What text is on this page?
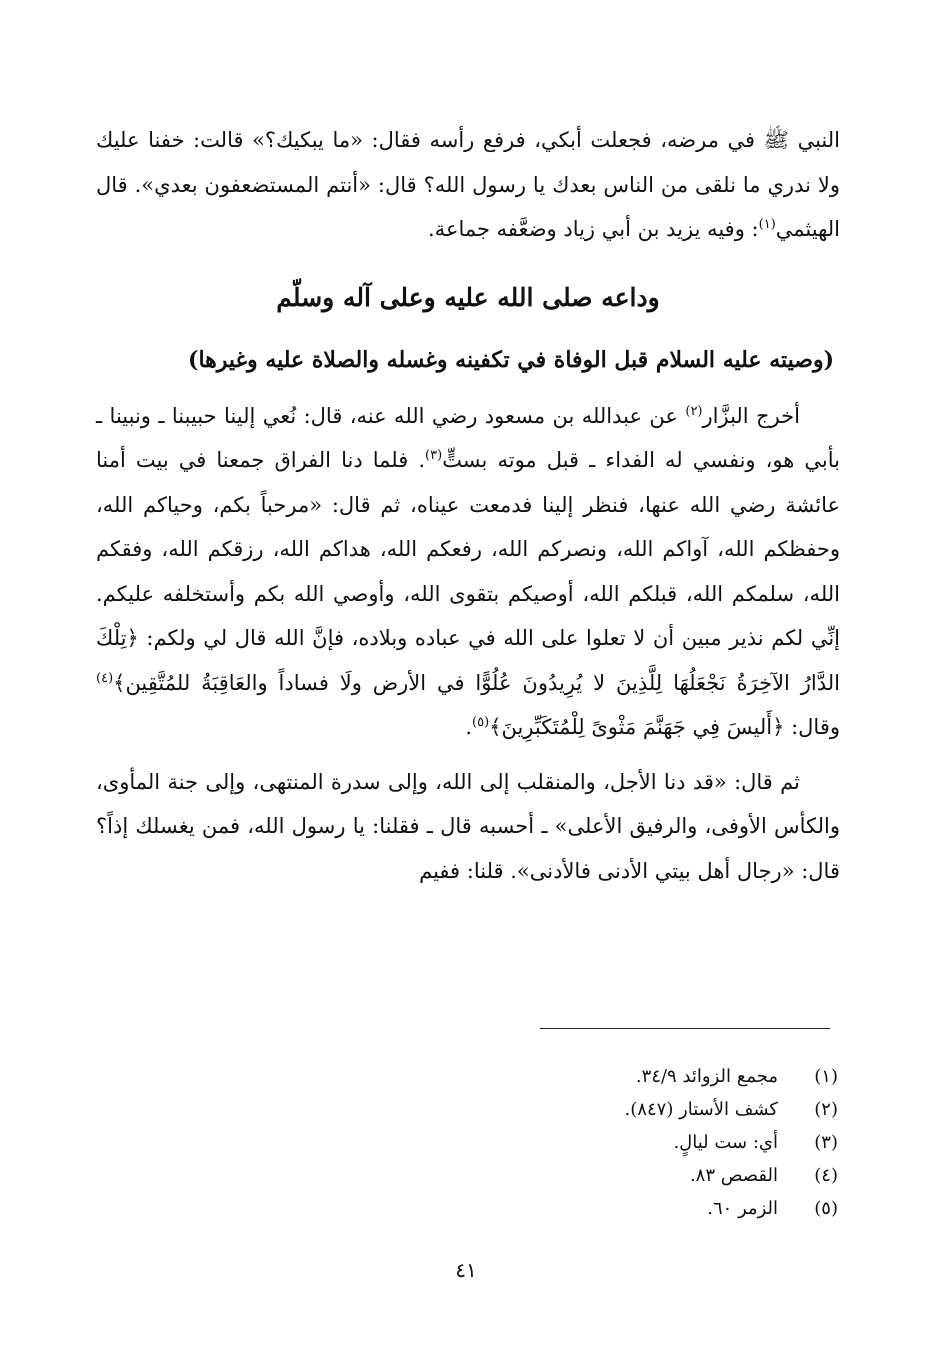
النبي ﷺ في مرضه، فجعلت أبكي، فرفع رأسه فقال: «ما يبكيك؟» قالت: خفنا عليك ولا ندري ما نلقى من الناس بعدك يا رسول الله؟ قال: «أنتم المستضعفون بعدي». قال الهيثمي$^{(١)}$: وفيه يزيد بن أبي زياد وضعَّفه جماعة.

وداعه صلى الله عليه وعلى آله وسلّم
(وصيته عليه السلام قبل الوفاة في تكفينه وغسله والصلاة عليه وغيرها)

أخرج البزَّار$^{(٢)}$ عن عبدالله بن مسعود رضي الله عنه، قال: نُعي إلينا حبيبنا ـ ونبينا ـ بأبي هو، ونفسي له الفداء ـ قبل موته بستٍّ$^{(٣)}$. فلما دنا الفراق جمعنا في بيت أمنا عائشة رضي الله عنها، فنظر إلينا فدمعت عيناه، ثم قال: «مرحباً بكم، وحياكم الله، وحفظكم الله، آواكم الله، ونصركم الله، رفعكم الله، هداكم الله، رزقكم الله، وفقكم الله، سلمكم الله، قبلكم الله، أوصيكم بتقوى الله، وأوصي الله بكم وأستخلفه عليكم. إنِّي لكم نذير مبين أن لا تعلوا على الله في عباده وبلاده، فإنَّ الله قال لي ولكم: ﴿تِلْكَ الدَّارُ الآخِرَةُ نَجْعَلُهَا لِلَّذِينَ لا يُرِيدُونَ عُلُوًّا في الأرض ولَا فساداً والعَاقِبَةُ للمُتَّقِين﴾$^{(٤)}$ وقال: ﴿أَليسَ فِي جَهَنَّمَ مَثْوىً لِلْمُتَكَبِّرِينَ﴾$^{(٥)}$.

ثم قال: «قد دنا الأجل، والمنقلب إلى الله، وإلى سدرة المنتهى، وإلى جنة المأوى، والكأس الأوفى، والرفيق الأعلى» ـ أحسبه قال ـ فقلنا: يا رسول الله، فمن يغسلك إذاً؟ قال: «رجال أهل بيتي الأدنى فالأدنى». قلنا: ففيم

(١)
مجمع الزوائد ٣٤/٩.
(٢)
كشف الأستار (٨٤٧).
(٣)
أي: ست ليالٍ.
(٤)
القصص ٨٣.
(٥)
الزمر ٦٠.
٤١
